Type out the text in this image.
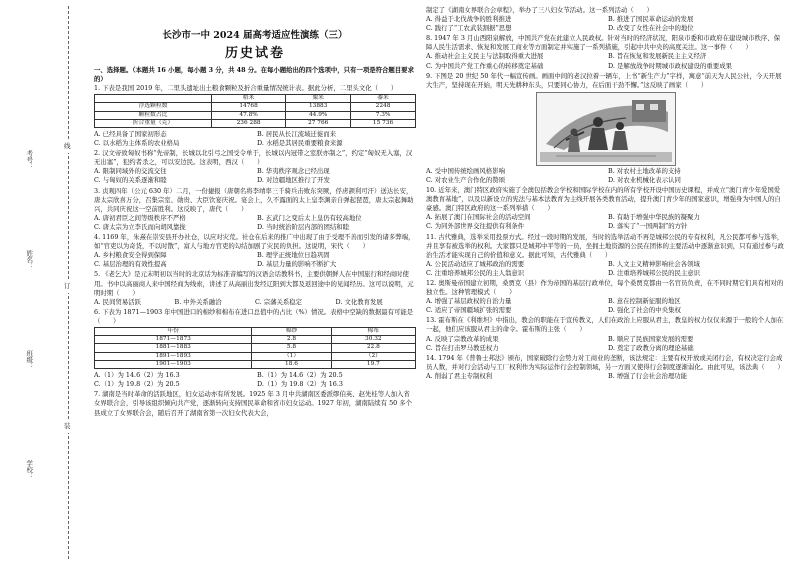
考号：
姓名：
班级：
学校：
线
订
装
长沙市一中 2024 届高考适应性演练（三）
历史试卷
一、选择题。（本题共 16 小题，每小题 3 分，共 48 分。在每小题给出的四个选项中，只有一项是符合题目要求的）
1. 下表是我国 2019 年，二里头遗址出土粮食颗粒及折合重量情况统计表。据此分析，二里头文化（　　）
	稻米	粟米	黍米
浮选颗粒数	14768	13883	2248
颗粒数占比	47.8%	44.9%	7.3%
折合重量（克）	236 288	27 766	15 736
A. 已经具备了国家初形态	B. 居民从长江流域迁徙而来
C. 以水稻为主体系的农业格局	D. 水稻是其居民重要粮食来源
2. 汉文帝致匈奴书称“先帝制，长城以北引弓之国受令单于，长城以内冠带之室朕亦制之”，约定“匈奴无入塞，汉无出塞”，犯约者杀之，可以安边民。这表明，西汉（　　）
A. 限制同域外的交流交往	B. 华夷秩序观念已经出现
C. 与匈奴的关系逐渐和睦	D. 对边疆地区推行了开发
3. 贞观四年（公元 630 年）二月，一份捷报（唐朝名将李靖率三千骑兵击败东突厥，俘虏颉利可汗）送达长安，唐太宗欣喜万分，召集宗室、勋贵、大臣饮宴庆祝。宴会上，久不露面的太上皇李渊亲自弹起琵琶，唐太宗起舞助兴，共同庆祝这一空前胜利。这反映了，唐代（　　）
A. 唐初君臣之间等级秩序不严格	B. 玄武门之变后太上皇仍有较高地位
C. 唐太宗为立李氏而向胡风靠拢	D. 当时统治阶层内部的团结和睦
4. 1169 年，朱熹在崇安县开办社仓，以应对灾荒。社仓在后来的推广中出现了由于受理不善而引发的诸多弊端，如“官吏以为奇货，不以时散”，富人与地方官吏的勾结加剧了灾民的负担。这说明，宋代（　　）
A. 乡村粮食安全得到保障	B. 理学正统地位日趋巩固
C. 基层治理的有效性提高	D. 基层力量的影响不断扩大
5. 《老乞大》是元末明初以当时的北京话为标准音编写的汉语会话教科书，主要供朝鲜人在中国旅行和经商时使用。书中以高丽商人来中国经商为线索，讲述了从高丽出发经辽阳到大都及返回途中的见闻经历。这可以说明，元明时期（　　）
A. 民间贸易活跃	B. 中外关系融洽	C. 宗藩关系稳定	D. 文化教育发展
6. 下表为 1871—1903 年中国进口的棉纱和棉布在进口总值中的占比（%）情况。表格中空缺的数据最有可能是（　　）
年份	棉纱	棉布
1871—1873	2.8	30.32
1881—1883	5.8	22.8
1891—1893	（1）	（2）
1901—1903	18.6	19.7
A.（1）为 14.6（2）为 16.3	B.（1）为 14.6（2）为 20.5
C.（1）为 19.8（2）为 20.5	D.（1）为 19.8（2）为 16.3
7. 湖南是当时革命的活跃地区，妇女运动亦有所发展。1925 年 3 月中共湖南区委派缪伯英、赵先桂等人加入省女界联合会，引导该组织倾向共产党，逐渐转向支持国民革命和省市妇女运动。1927 年初，湖南陆续有 50 多个县成立了女界联合会，随后召开了湖南省第一次妇女代表大会，
制定了《湖南女界联合会章程》，举办了三八妇女节活动。这一系列活动（　　）
A. 得益于北伐战争的胜利推进	B. 推进了国民革命运动的发展
C. 践行了“工农武装割据”思想	D. 改变了女性在社会中的地位
8. 1947 年 3 月山西阳泉解放，中国共产党在此建立人民政权。针对当时的经济状况，阳泉市委和市政府在建设城市秩序、保障人民生活需求、恢复和发展工商业等方面制定并实施了一系列措施，引起中共中央的高度关注。这一事件（　　）
A. 推动社会主义民主与法制取得重大进展	B. 旨在恢复和发展新民主主义经济
C. 为中国共产党工作重心的转移奠定基础	D. 是解放战争时期城市政权建设的重要成果
9. 下图是 20 世纪 50 年代一幅宣传画。画面中间的老汉拉着一辆车，上书“新生产力”字样，寓意“前天为人民公社，今天开展大生产，坚持现在开始，明天先耕种东头，只要同心协力，在后面干劲不懈。”这反映了画家（　　）
A. 受中国传统绘画风格影响	B. 对农村土地改革的支持
C. 对农业生产合作化的赞颂	D. 对农业机械化表示认同
10. 近年来，澳门特区政府实施了全澳包括教会学校和国际学校在内的所有学校开设中国历史课程，并成立“澳门青少年爱国爱澳教育基地”，以及以新设立的宪法与基本法教育为主线开展各类教育活动，提升澳门青少年的国家意识，增强身为中国人的自豪感。澳门特区政府的这一系列举措（　　）
A. 拓展了澳门在国际社会的活动空间	B. 有助于增强中华民族的凝聚力
C. 为同外部世界交往提供有利条件	D. 落实了“一国两制”的方针
11. 古代雅典，选举采用投票方式。经过一段时期的发展，当时的选举活动不再是城邦公民的专有权利，凡公民都可参与选举，并且享有被选举的权利。大家都只是城邦中平等的一员，坐拥土地资源的公民在团体的主要活动中逐渐意识到，只有通过参与政治生活才能实现自己的价值和意义。据此可知，古代雅典（　　）
A. 公民活动适应了城邦政治的需要	B. 人文主义精神影响社会各领域
C. 注重培养城邦公民的主人翁意识	D. 注重培养城邦公民的民主意识
12. 奥斯曼帝国建立初期，桑贾克（县）作为帝国的基层行政单位，每个桑贾克都由一名官员负责，在不同时期它们具有相对的独立性。这种管理模式（　　）
A. 增强了基层政权的自治力量	B. 意在控制新征服的地区
C. 适应了帝国疆域扩张的需要	D. 强化了社会的中央集权
13. 霍布斯在《利维坦》中指出，教会的职能在于宣传教义，人们在政治上应服从君主，教皇的权力仅仅来源于一般的个人加在一起，他们应该服从君主的命令。霍布斯的主张（　　）
A. 反映了宗教改革的成果	B. 顺应了民族国家发展的需要
C. 旨在打击罗马教廷权力	D. 奠定了政教分离的理论基础
14. 1794 年《普鲁士邦法》颁布，国家破除行会势力对工商业的垄断，该法规定：主要有权开放或关闭行会，有权决定行会成员人数，并对行会活动与工厂权利作为实际运作行会控制领域，另一方面又使得行会制度逐渐弱化。由此可见，该法典（　　）
A. 削弱了君主专制权利	B. 增强了行会社会治理功能
